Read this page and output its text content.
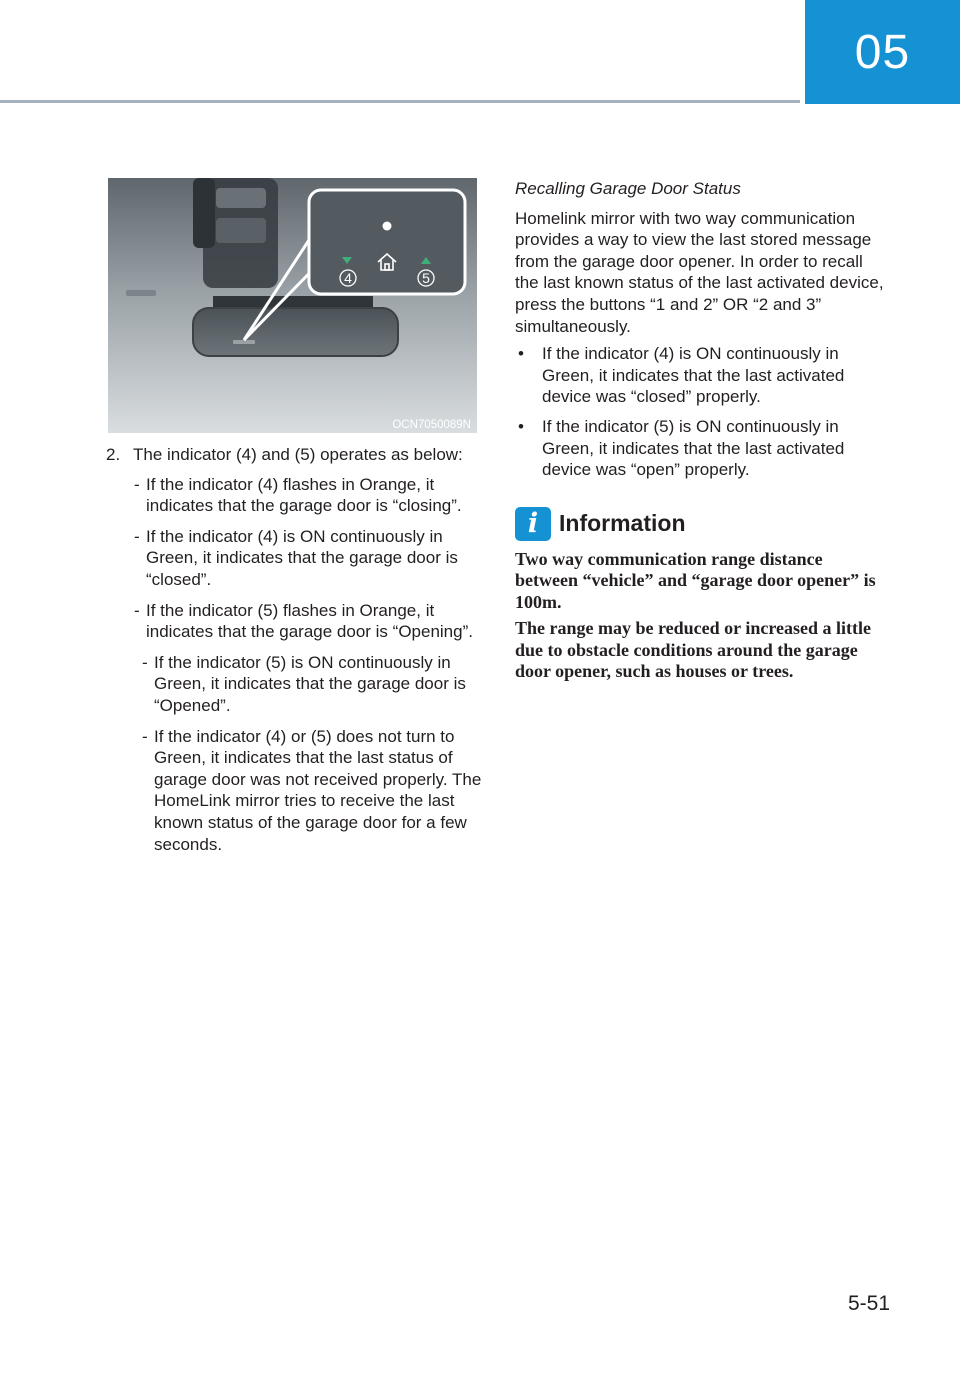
05
4	5
OCN7050089N

2. The indicator (4) and (5) operates as below:

- If the indicator (4) flashes in Orange, it indicates that the garage door is “closing”.
- If the indicator (4) is ON continuously in Green, it indicates that the garage door is “closed”.
- If the indicator (5) flashes in Orange, it indicates that the garage door is “Opening”.
- If the indicator (5) is ON continuously in Green, it indicates that the garage door is “Opened”.
- If the indicator (4) or (5) does not turn to Green, it indicates that the last status of garage door was not received properly. The HomeLink mirror tries to receive the last known status of the garage door for a few seconds.

Recalling Garage Door Status

Homelink mirror with two way communication provides a way to view the last stored message from the garage door opener. In order to recall the last known status of the last activated device, press the buttons “1 and 2” OR “2 and 3” simultaneously.

• If the indicator (4) is ON continuously in Green, it indicates that the last activated device was “closed” properly.
• If the indicator (5) is ON continuously in Green, it indicates that the last activated device was “open” properly.
i Information

Two way communication range distance between “vehicle” and “garage door opener” is 100m.

The range may be reduced or increased a little due to obstacle conditions around the garage door opener, such as houses or trees.

5-51
